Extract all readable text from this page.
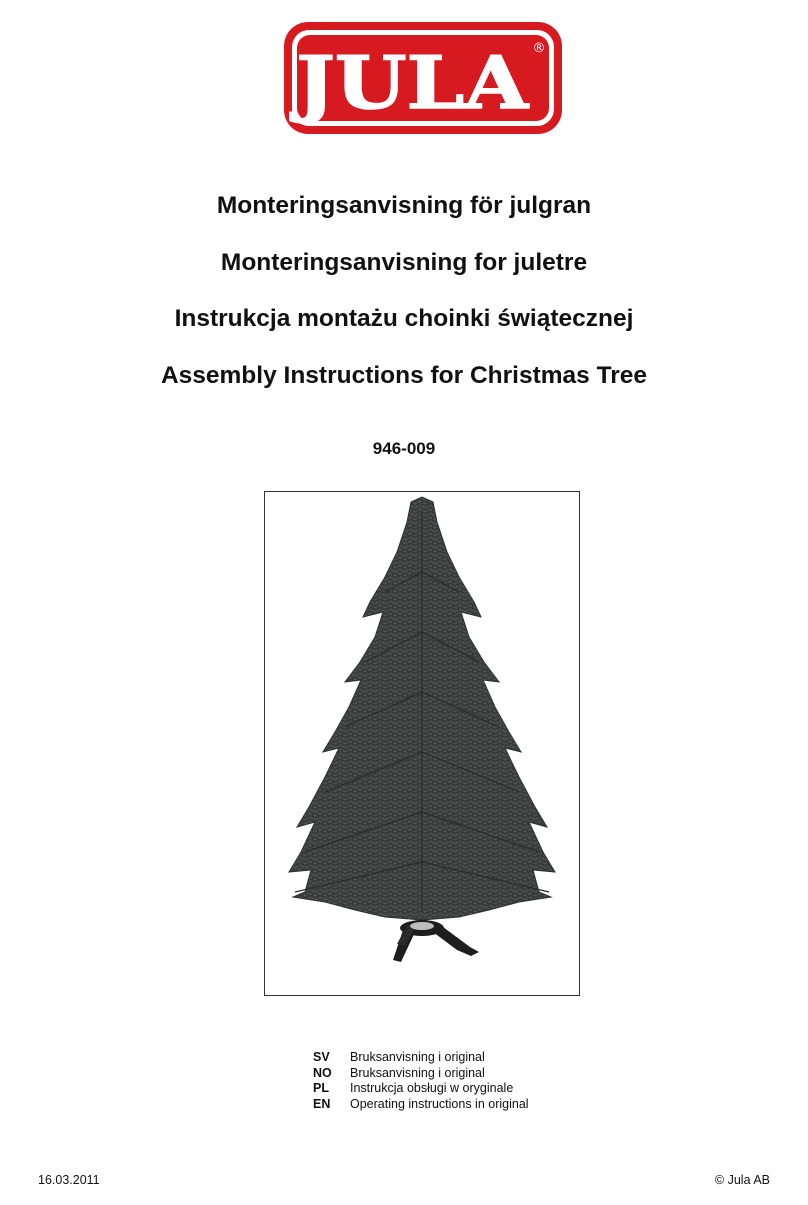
JULA ®
Monteringsanvisning för julgran
Monteringsanvisning for juletre
Instrukcja montażu choinki świątecznej
Assembly Instructions for Christmas Tree
946-009
SV	Bruksanvisning i original
NO	Bruksanvisning i original
PL	Instrukcja obsługi w oryginale
EN	Operating instructions in original
16.03.2011	© Jula AB
